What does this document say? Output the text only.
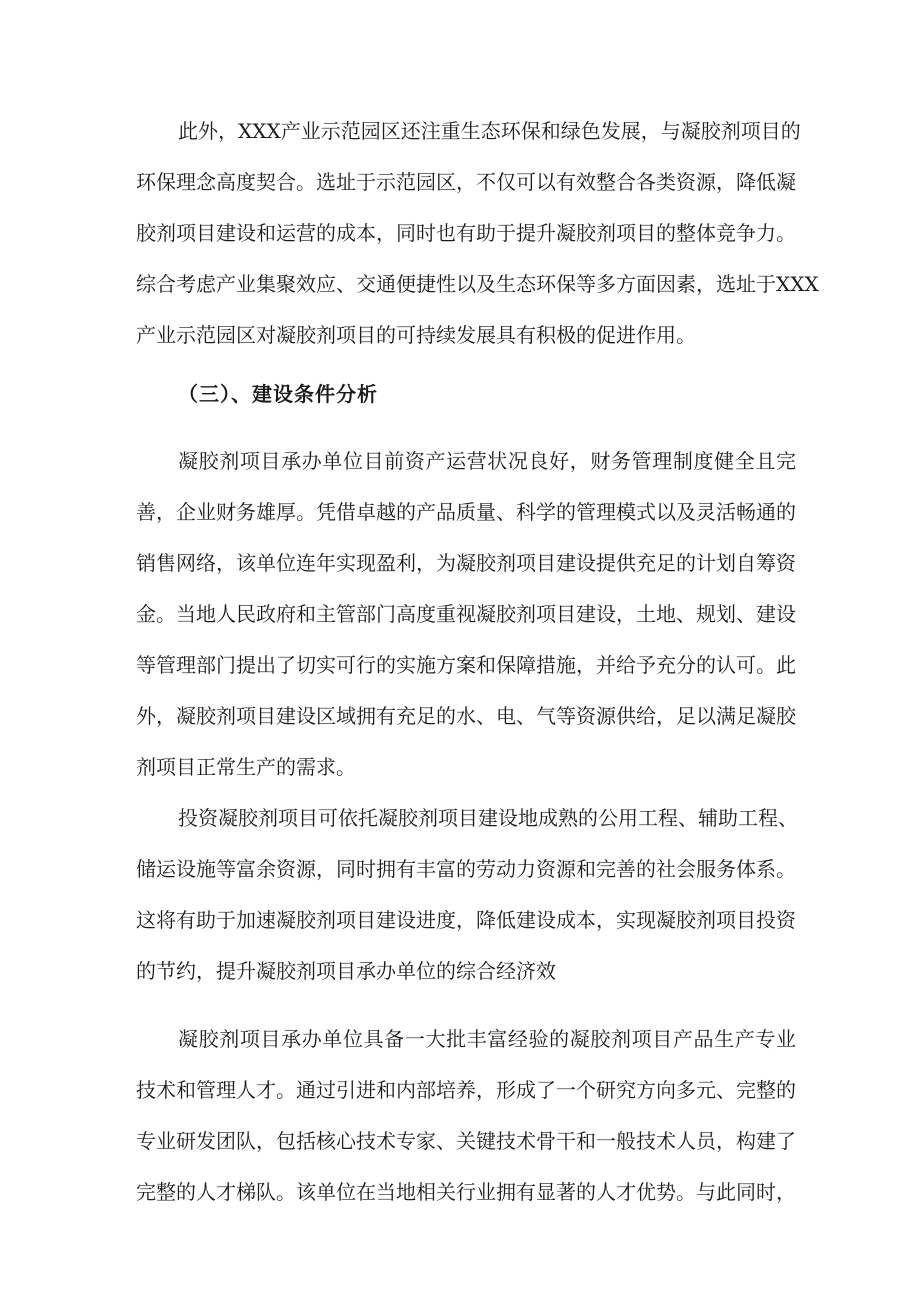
此外，XXX产业示范园区还注重生态环保和绿色发展，与凝胶剂项目的
环保理念高度契合。选址于示范园区，不仅可以有效整合各类资源，降低凝
胶剂项目建设和运营的成本，同时也有助于提升凝胶剂项目的整体竞争力。
综合考虑产业集聚效应、交通便捷性以及生态环保等多方面因素，选址于XXX
产业示范园区对凝胶剂项目的可持续发展具有积极的促进作用。
（三）、建设条件分析
凝胶剂项目承办单位目前资产运营状况良好，财务管理制度健全且完
善，企业财务雄厚。凭借卓越的产品质量、科学的管理模式以及灵活畅通的
销售网络，该单位连年实现盈利，为凝胶剂项目建设提供充足的计划自筹资
金。当地人民政府和主管部门高度重视凝胶剂项目建设，土地、规划、建设
等管理部门提出了切实可行的实施方案和保障措施，并给予充分的认可。此
外，凝胶剂项目建设区域拥有充足的水、电、气等资源供给，足以满足凝胶
剂项目正常生产的需求。
投资凝胶剂项目可依托凝胶剂项目建设地成熟的公用工程、辅助工程、
储运设施等富余资源，同时拥有丰富的劳动力资源和完善的社会服务体系。
这将有助于加速凝胶剂项目建设进度，降低建设成本，实现凝胶剂项目投资
的节约，提升凝胶剂项目承办单位的综合经济效
凝胶剂项目承办单位具备一大批丰富经验的凝胶剂项目产品生产专业
技术和管理人才。通过引进和内部培养，形成了一个研究方向多元、完整的
专业研发团队，包括核心技术专家、关键技术骨干和一般技术人员，构建了
完整的人才梯队。该单位在当地相关行业拥有显著的人才优势。与此同时，
